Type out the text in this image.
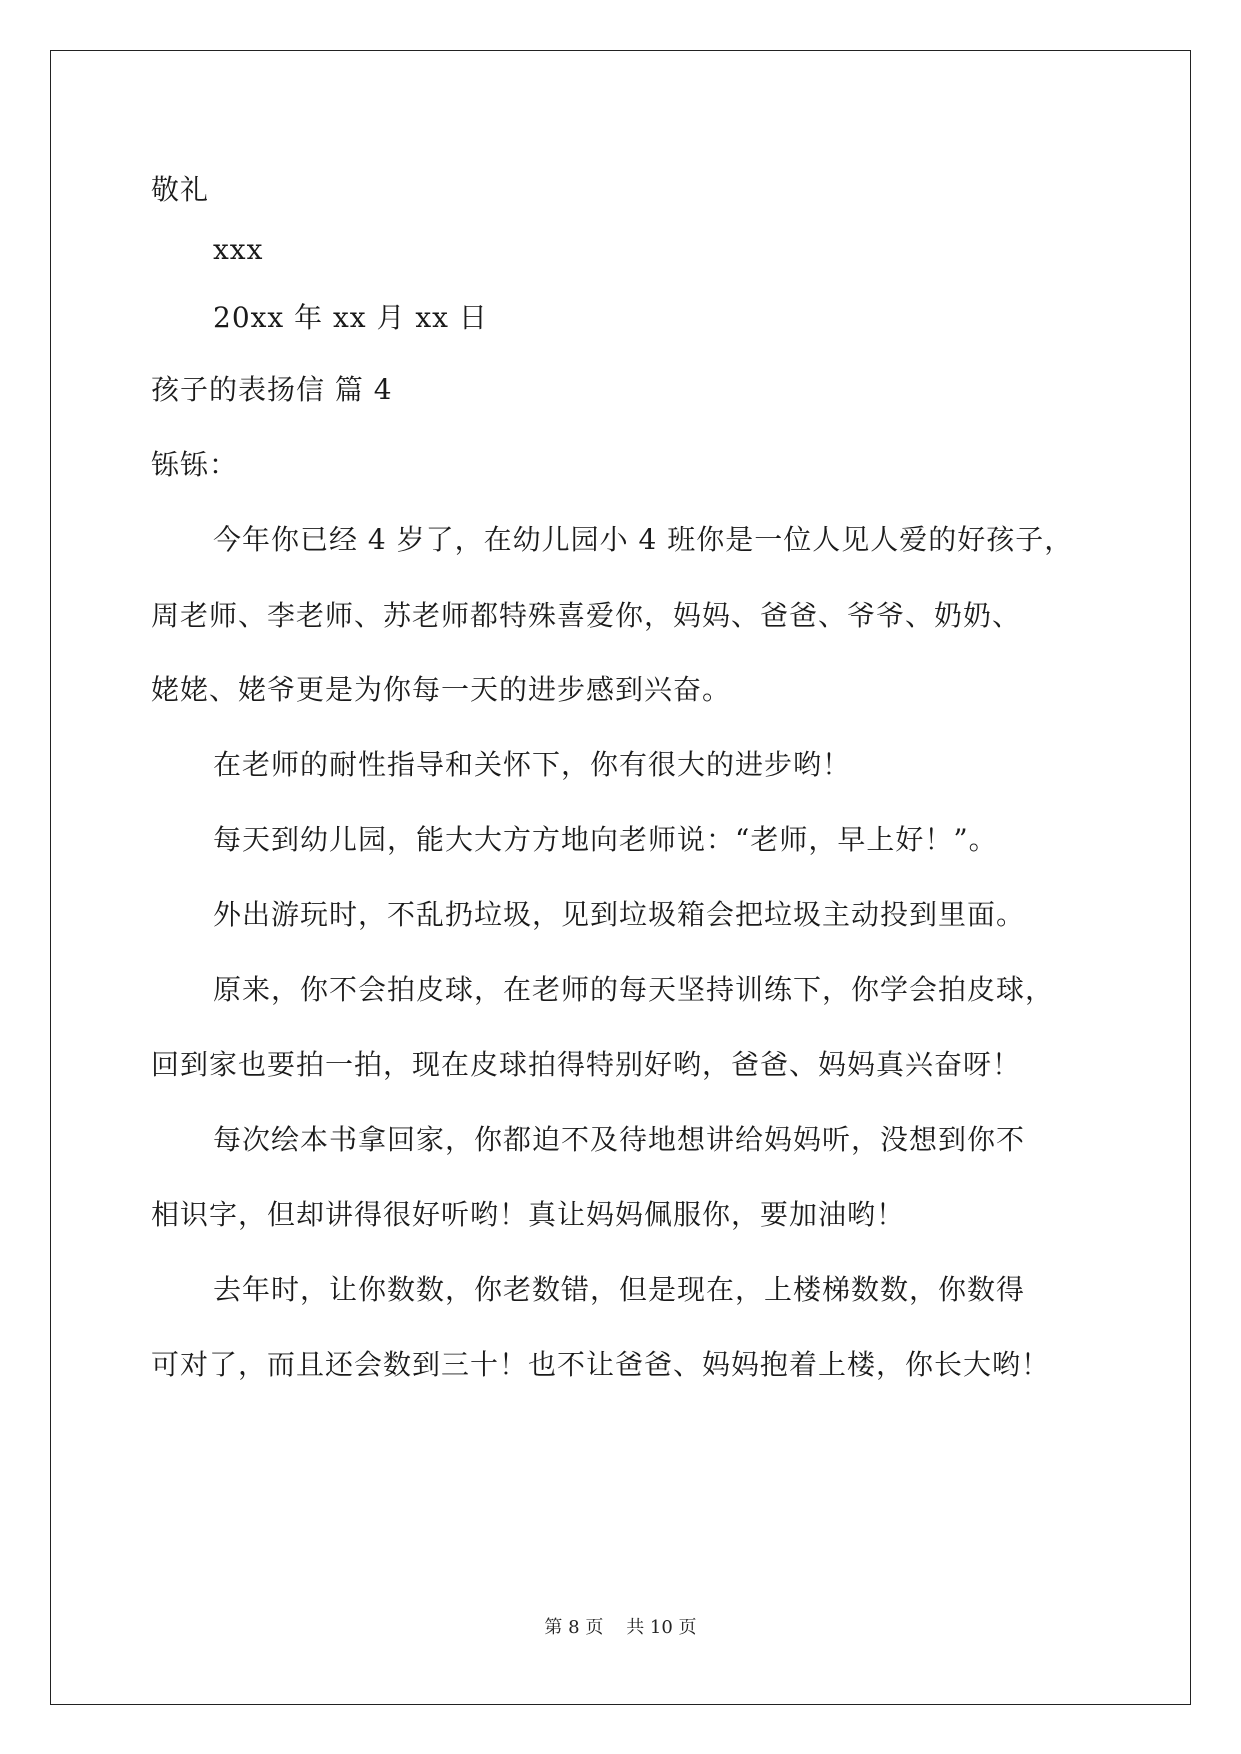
敬礼
xxx
20xx 年 xx 月 xx 日
孩子的表扬信 篇 4
铄铄：
今年你已经 4 岁了，在幼儿园小 4 班你是一位人见人爱的好孩子，
周老师、李老师、苏老师都特殊喜爱你，妈妈、爸爸、爷爷、奶奶、
姥姥、姥爷更是为你每一天的进步感到兴奋。
在老师的耐性指导和关怀下，你有很大的进步哟！
每天到幼儿园，能大大方方地向老师说：“老师，早上好！”。
外出游玩时，不乱扔垃圾，见到垃圾箱会把垃圾主动投到里面。
原来，你不会拍皮球，在老师的每天坚持训练下，你学会拍皮球，
回到家也要拍一拍，现在皮球拍得特别好哟，爸爸、妈妈真兴奋呀！
每次绘本书拿回家，你都迫不及待地想讲给妈妈听，没想到你不
相识字，但却讲得很好听哟！真让妈妈佩服你，要加油哟！
去年时，让你数数，你老数错，但是现在，上楼梯数数，你数得
可对了，而且还会数到三十！也不让爸爸、妈妈抱着上楼，你长大哟！
第 8 页    共 10 页
